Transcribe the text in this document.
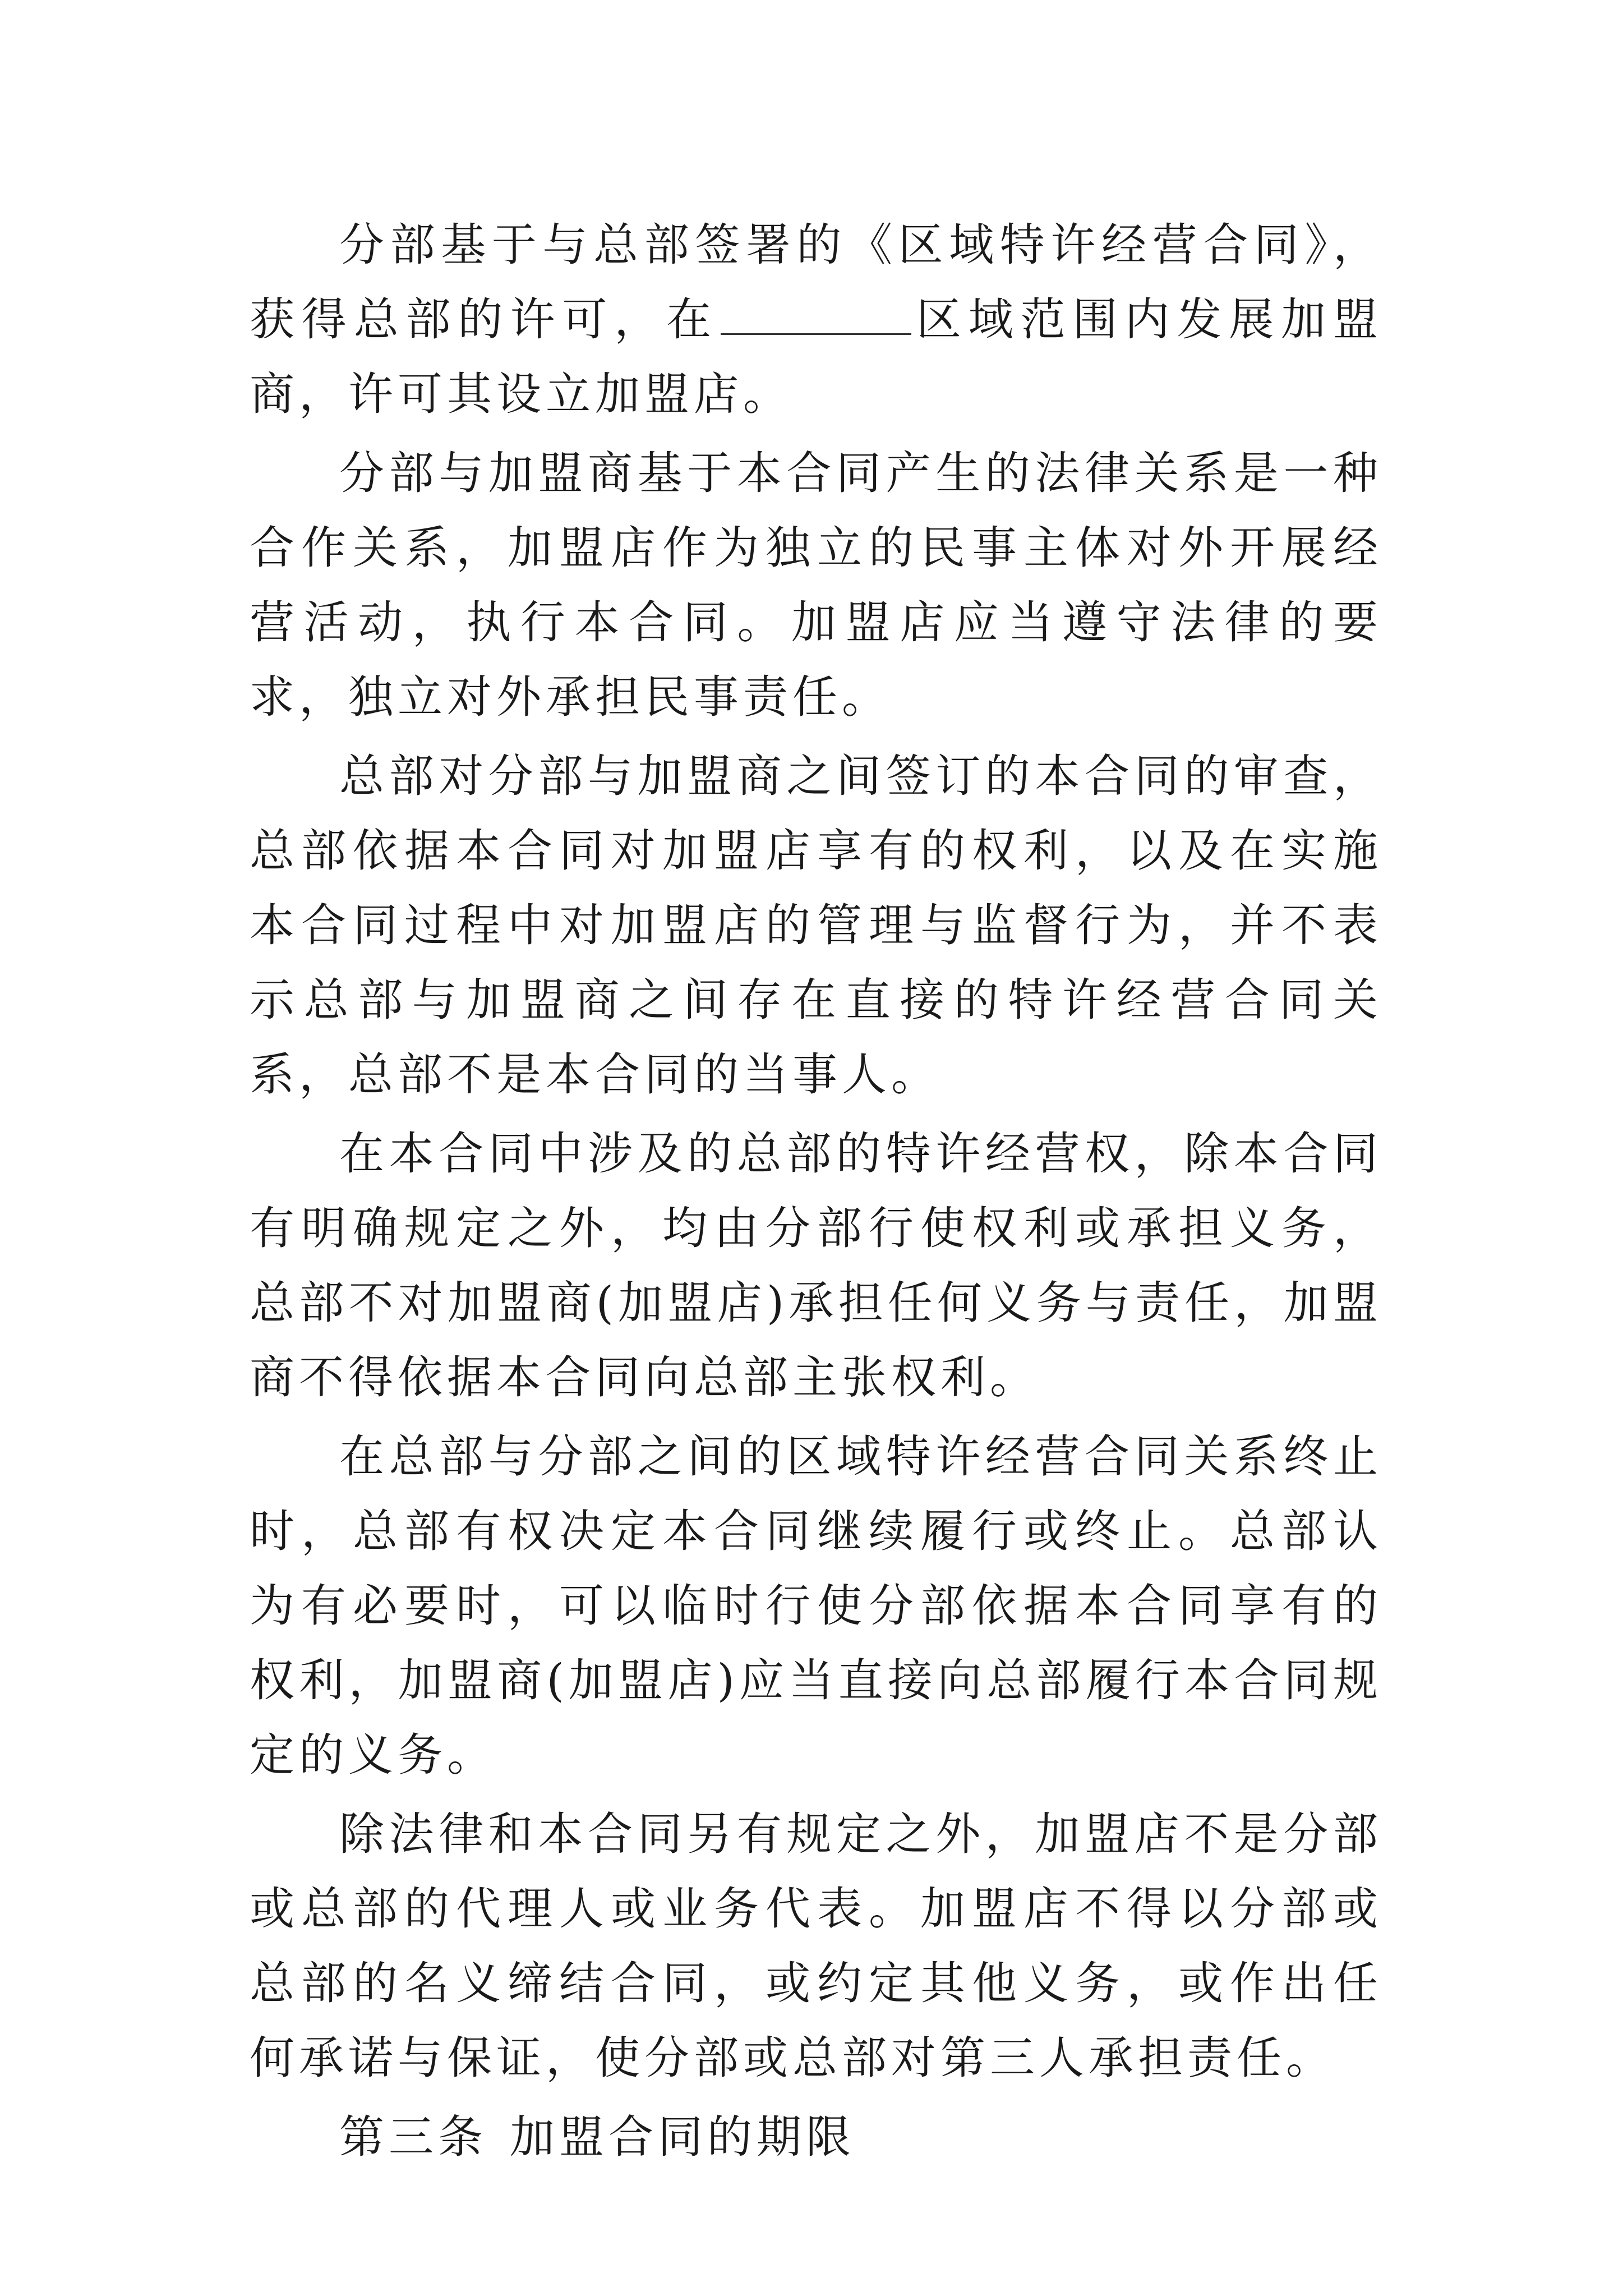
分部基于与总部签署的《区域特许经营合同》，获得总部的许可，在	区域范围内发展加盟商，许可其设立加盟店。

分部与加盟商基于本合同产生的法律关系是一种合作关系，加盟店作为独立的民事主体对外开展经营活动，执行本合同。加盟店应当遵守法律的要求，独立对外承担民事责任。

总部对分部与加盟商之间签订的本合同的审查，总部依据本合同对加盟店享有的权利，以及在实施本合同过程中对加盟店的管理与监督行为，并不表示总部与加盟商之间存在直接的特许经营合同关系，总部不是本合同的当事人。

在本合同中涉及的总部的特许经营权，除本合同有明确规定之外，均由分部行使权利或承担义务，总部不对加盟商(加盟店)承担任何义务与责任，加盟商不得依据本合同向总部主张权利。

在总部与分部之间的区域特许经营合同关系终止时，总部有权决定本合同继续履行或终止。总部认为有必要时，可以临时行使分部依据本合同享有的权利，加盟商(加盟店)应当直接向总部履行本合同规定的义务。

除法律和本合同另有规定之外，加盟店不是分部或总部的代理人或业务代表。加盟店不得以分部或总部的名义缔结合同，或约定其他义务，或作出任何承诺与保证，使分部或总部对第三人承担责任。

第三条 加盟合同的期限
